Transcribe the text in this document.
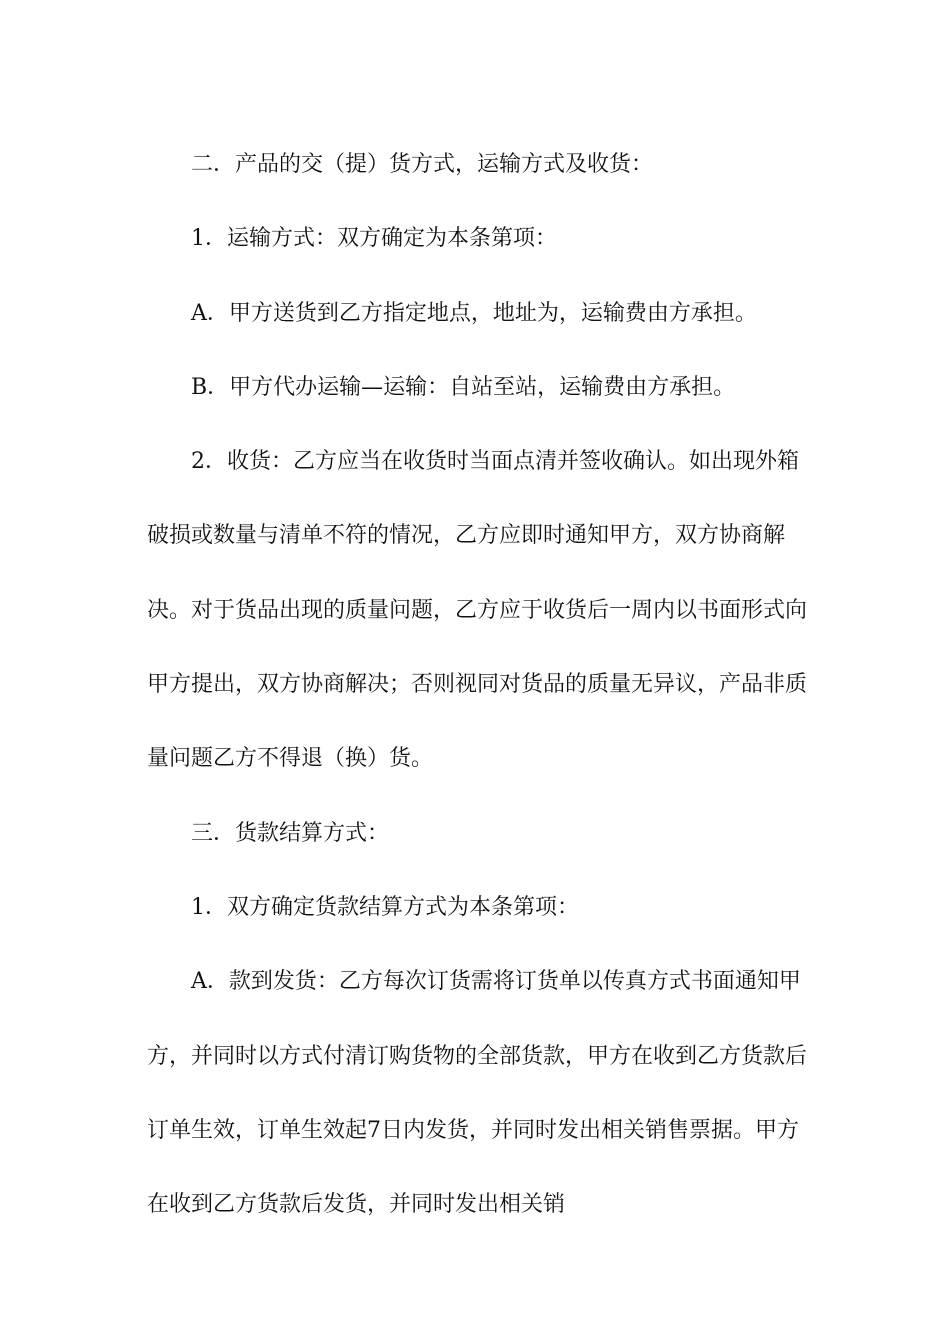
二．产品的交（提）货方式，运输方式及收货：

1．运输方式：双方确定为本条第项：

A．甲方送货到乙方指定地点，地址为，运输费由方承担。

B．甲方代办运输—运输：自站至站，运输费由方承担。

2．收货：乙方应当在收货时当面点清并签收确认。如出现外箱破损或数量与清单不符的情况，乙方应即时通知甲方，双方协商解决。对于货品出现的质量问题，乙方应于收货后一周内以书面形式向甲方提出，双方协商解决；否则视同对货品的质量无异议，产品非质量问题乙方不得退（换）货。

三．货款结算方式：

1．双方确定货款结算方式为本条第项：

A．款到发货：乙方每次订货需将订货单以传真方式书面通知甲方，并同时以方式付清订购货物的全部货款，甲方在收到乙方货款后订单生效，订单生效起7日内发货，并同时发出相关销售票据。甲方在收到乙方货款后发货，并同时发出相关销
